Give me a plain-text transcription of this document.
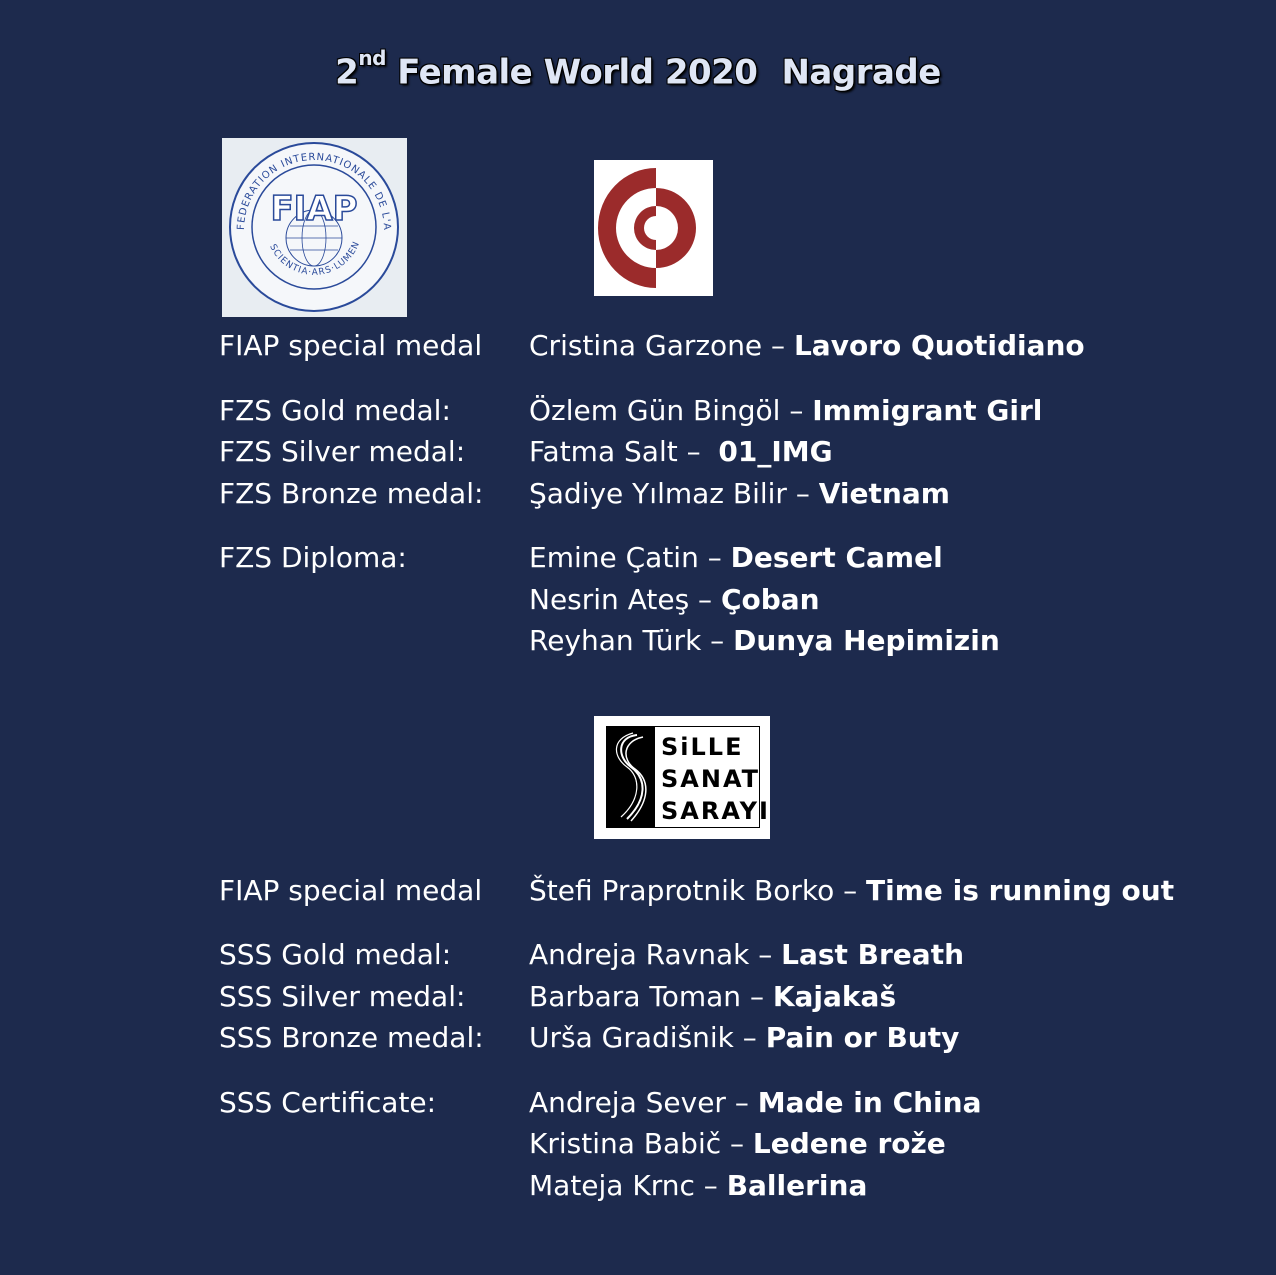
2nd Female World 2020 Nagrade
FEDERATION INTERNATIONALE DE L'A
FIAP
SCIENTIA·ARS·LUMEN
FIAP special medal Cristina Garzone – Lavoro Quotidiano
FZS Gold medal:	Özlem Gün Bingöl – Immigrant Girl
FZS Silver medal: Fatma Salt –  01_IMG
FZS Bronze medal: Şadiye Yılmaz Bilir – Vietnam
FZS Diploma:	Emine Çatin – Desert Camel
Nesrin Ateş – Çoban
Reyhan Türk – Dunya Hepimizin
SiLLE
SANAT
SARAYI
FIAP special medal Štefi Praprotnik Borko – Time is running out
SSS Gold medal:	Andreja Ravnak – Last Breath
SSS Silver medal: Barbara Toman – Kajakaš
SSS Bronze medal: Urša Gradišnik – Pain or Buty
SSS Certificate:	Andreja Sever – Made in China
Kristina Babič – Ledene rože
Mateja Krnc – Ballerina
